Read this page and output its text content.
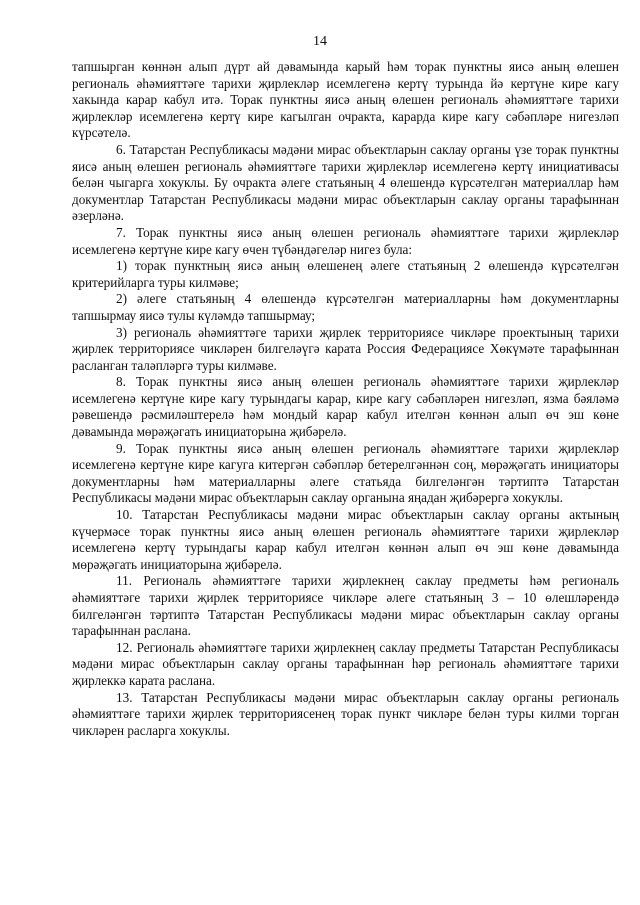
14

тапшырган көннән алып дүрт ай дәвамында карый һәм торак пунктны яисә аның өлешен региональ әһәмияттәге тарихи җирлекләр исемлегенә кертү турында йә кертүне кире кагу хакында карар кабул итә. Торак пунктны яисә аның өлешен региональ әһәмияттәге тарихи җирлекләр исемлегенә кертү кире кагылган очракта, карарда кире кагу сәбәпләре нигезләп күрсәтелә.

6. Татарстан Республикасы мәдәни мирас объектларын саклау органы үзе торак пунктны яисә аның өлешен региональ әһәмияттәге тарихи җирлекләр исемлегенә кертү инициативасы белән чыгарга хокуклы. Бу очракта әлеге статьяның 4 өлешендә күрсәтелгән материаллар һәм документлар Татарстан Республикасы мәдәни мирас объектларын саклау органы тарафыннан әзерләнә.

7. Торак пунктны яисә аның өлешен региональ әһәмияттәге тарихи җирлекләр исемлегенә кертүне кире кагу өчен түбәндәгеләр нигез була:

1) торак пунктның яисә аның өлешенең әлеге статьяның 2 өлешендә күрсәтелгән критерийларга туры килмәве;

2) әлеге статьяның 4 өлешендә күрсәтелгән материалларны һәм документларны тапшырмау яисә тулы күләмдә тапшырмау;

3) региональ әһәмияттәге тарихи җирлек территориясе чикләре проектының тарихи җирлек территориясе чикләрен билгеләүгә карата Россия Федерациясе Хөкүмәте тарафыннан расланган таләпләргә туры килмәве.

8. Торак пунктны яисә аның өлешен региональ әһәмияттәге тарихи җирлекләр исемлегенә кертүне кире кагу турындагы карар, кире кагу сәбәпләрен нигезләп, язма бәяләмә рәвешендә рәсмиләштерелә һәм мондый карар кабул ителгән көннән алып өч эш көне дәвамында мөрәҗәгать инициаторына җибәрелә.

9. Торак пунктны яисә аның өлешен региональ әһәмияттәге тарихи җирлекләр исемлегенә кертүне кире кагуга китергән сәбәпләр бетерелгәннән соң, мөрәҗәгать инициаторы документларны һәм материалларны әлеге статьяда билгеләнгән тәртиптә Татарстан Республикасы мәдәни мирас объектларын саклау органына яңадан җибәрергә хокуклы.

10. Татарстан Республикасы мәдәни мирас объектларын саклау органы актының күчермәсе торак пунктны яисә аның өлешен региональ әһәмияттәге тарихи җирлекләр исемлегенә кертү турындагы карар кабул ителгән көннән алып өч эш көне дәвамында мөрәҗәгать инициаторына җибәрелә.

11. Региональ әһәмияттәге тарихи җирлекнең саклау предметы һәм региональ әһәмияттәге тарихи җирлек территориясе чикләре әлеге статьяның 3 – 10 өлешләрендә билгеләнгән тәртиптә Татарстан Республикасы мәдәни мирас объектларын саклау органы тарафыннан раслана.

12. Региональ әһәмияттәге тарихи җирлекнең саклау предметы Татарстан Республикасы мәдәни мирас объектларын саклау органы тарафыннан һәр региональ әһәмияттәге тарихи җирлеккә карата раслана.

13. Татарстан Республикасы мәдәни мирас объектларын саклау органы региональ әһәмияттәге тарихи җирлек территориясенең торак пункт чикләре белән туры килми торган чикләрен расларга хокуклы.
